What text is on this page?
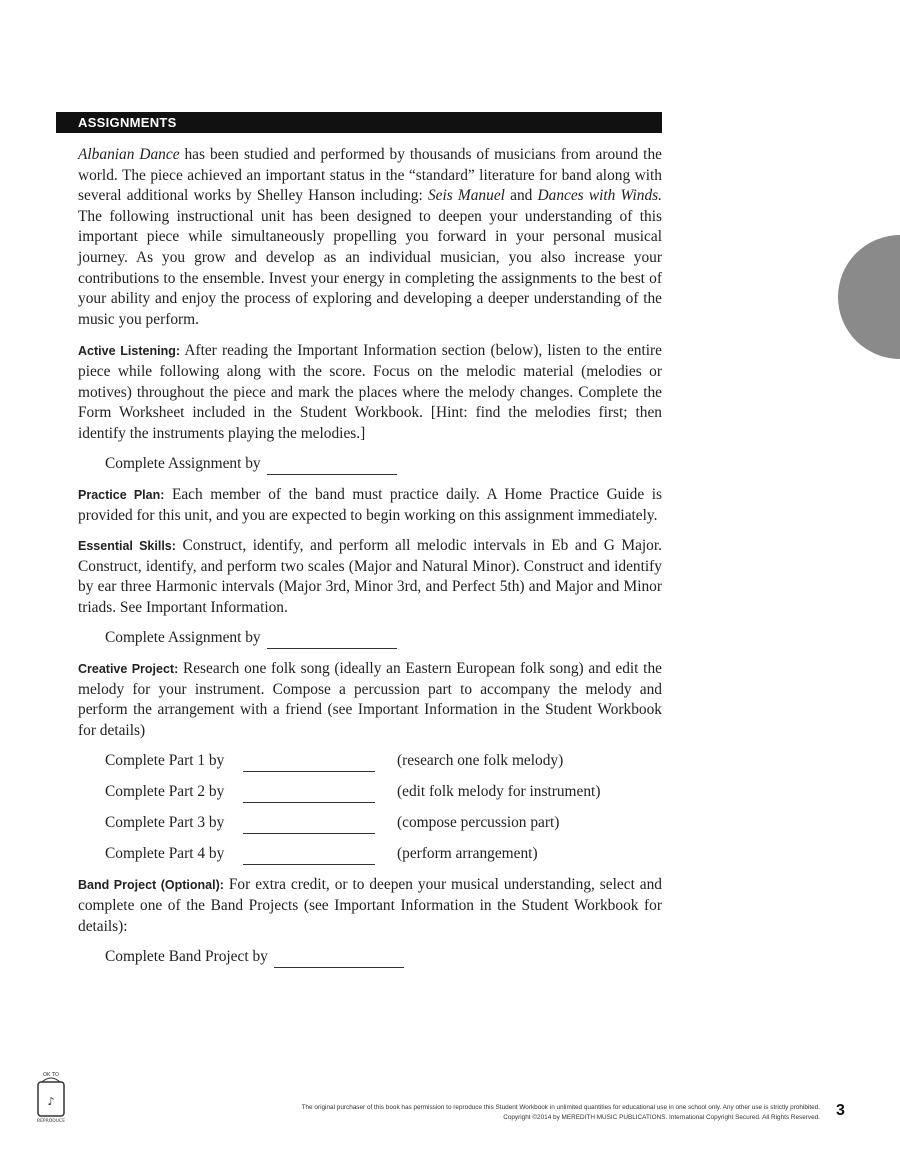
ASSIGNMENTS

Albanian Dance has been studied and performed by thousands of musicians from around the world. The piece achieved an important status in the “standard” literature for band along with several additional works by Shelley Hanson including: Seis Manuel and Dances with Winds. The following instructional unit has been designed to deepen your understanding of this important piece while simultaneously propelling you forward in your personal musical journey. As you grow and develop as an individual musician, you also increase your contributions to the ensemble. Invest your energy in completing the assignments to the best of your ability and enjoy the process of exploring and developing a deeper understanding of the music you perform.

Active Listening: After reading the Important Information section (below), listen to the entire piece while following along with the score. Focus on the melodic material (melodies or motives) throughout the piece and mark the places where the melody changes. Complete the Form Worksheet included in the Student Workbook. [Hint: find the melodies first; then identify the instruments playing the melodies.]

Complete Assignment by

Practice Plan: Each member of the band must practice daily. A Home Practice Guide is provided for this unit, and you are expected to begin working on this assignment immediately.

Essential Skills: Construct, identify, and perform all melodic intervals in Eb and G Major. Construct, identify, and perform two scales (Major and Natural Minor). Construct and identify by ear three Harmonic intervals (Major 3rd, Minor 3rd, and Perfect 5th) and Major and Minor triads. See Important Information.

Complete Assignment by

Creative Project: Research one folk song (ideally an Eastern European folk song) and edit the melody for your instrument. Compose a percussion part to accompany the melody and perform the arrangement with a friend (see Important Information in the Student Workbook for details)

Complete Part 1 by	(research one folk melody)
Complete Part 2 by	(edit folk melody for instrument)
Complete Part 3 by	(compose percussion part)
Complete Part 4 by	(perform arrangement)

Band Project (Optional): For extra credit, or to deepen your musical understanding, select and complete one of the Band Projects (see Important Information in the Student Workbook for details):

Complete Band Project by
♪
OK TO
REPRODUCE
The original purchaser of this book has permission to reproduce this Student Workbook in unlimited quantities for educational use in one school only. Any other use is strictly prohibited.
Copyright ©2014 by MEREDITH MUSIC PUBLICATIONS. International Copyright Secured. All Rights Reserved. 3
